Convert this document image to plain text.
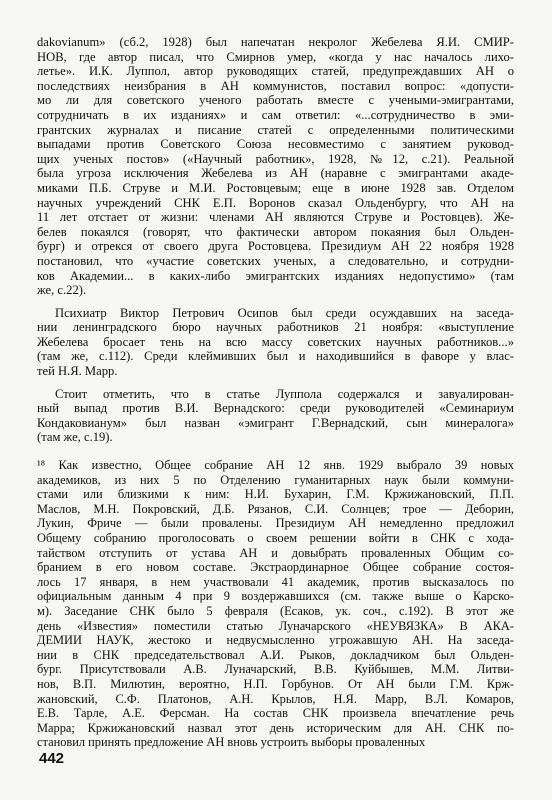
dakovianum» (сб.2, 1928) был напечатан некролог Жебелева Я.И. СМИР-
НОВ, где автор писал, что Смирнов умер, «когда у нас началось лихо-
летье». И.К. Луппол, автор руководящих статей, предупреждавших АН о
последствиях неизбрания в АН коммунистов, поставил вопрос: «допусти-
мо ли для советского ученого работать вместе с учеными-эмигрантами,
сотрудничать в их изданиях» и сам ответил: «...сотрудничество в эми-
грантских журналах и писание статей с определенными политическими
выпадами против Советского Союза несовместимо с занятием руковод-
щих ученых постов» («Научный работник», 1928, №12, с.21). Реальной
была угроза исключения Жебелева из АН (наравне с эмигрантами акаде-
миками П.Б. Струве и М.И. Ростовцевым; еще в июне 1928 зав. Отделом
научных учреждений СНК Е.П. Воронов сказал Ольденбургу, что АН на
11 лет отстает от жизни: членами АН являются Струве и Ростовцев). Же-
белев покаялся (говорят, что фактически автором покаяния был Ольден-
бург) и отрекся от своего друга Ростовцева. Президиум АН 22 ноября 1928
постановил, что «участие советских ученых, а следовательно, и сотрудни-
ков Академии... в каких-либо эмигрантских изданиях недопустимо» (там
же, с.22).

Психиатр Виктор Петрович Осипов был среди осуждавших на заседа-
нии ленинградского бюро научных работников 21 ноября: «выступление
Жебелева бросает тень на всю массу советских научных работников...»
(там же, с.112). Среди клеймивших был и находившийся в фаворе у влас-
тей Н.Я. Марр.

Стоит отметить, что в статье Луппола содержался и завуалирован-
ный выпад против В.И. Вернадского: среди руководителей «Семинариум
Кондаковианум» был назван «эмигрант Г.Вернадский, сын минералога»
(там же, с.19).

¹⁸ Как известно, Общее собрание АН 12 янв. 1929 выбрало 39 новых
академиков, из них 5 по Отделению гуманитарных наук были коммуни-
стами или близкими к ним: Н.И. Бухарин, Г.М. Кржижановский, П.П.
Маслов, М.Н. Покровский, Д.Б. Рязанов, С.И. Солнцев; трое — Деборин,
Лукин, Фриче — были провалены. Президиум АН немедленно предложил
Общему собранию проголосовать о своем решении войти в СНК с хода-
тайством отступить от устава АН и довыбрать проваленных Общим со-
бранием в его новом составе. Экстраординарное Общее собрание состоя-
лось 17 января, в нем участвовали 41 академик, против высказалось по
официальным данным 4 при 9 воздержавшихся (см. также выше о Карско-
м). Заседание СНК было 5 февраля (Есаков, ук. соч., с.192). В этот же
день «Известия» поместили статью Луначарского «НЕУВЯЗКА» В АКА-
ДЕМИИ НАУК, жестоко и недвусмысленно угрожавшую АН. На заседа-
нии в СНК председательствовал А.И. Рыков, докладчиком был Ольден-
бург. Присутствовали А.В. Луначарский, В.В. Куйбышев, М.М. Литви-
нов, В.П. Милютин, вероятно, Н.П. Горбунов. От АН были Г.М. Крж-
жановский, С.Ф. Платонов, А.Н. Крылов, Н.Я. Марр, В.Л. Комаров,
Е.В. Тарле, А.Е. Ферсман. На состав СНК произвела впечатление речь
Марра; Кржижановский назвал этот день историческим для АН. СНК по-
становил принять предложение АН вновь устроить выборы проваленных

442
